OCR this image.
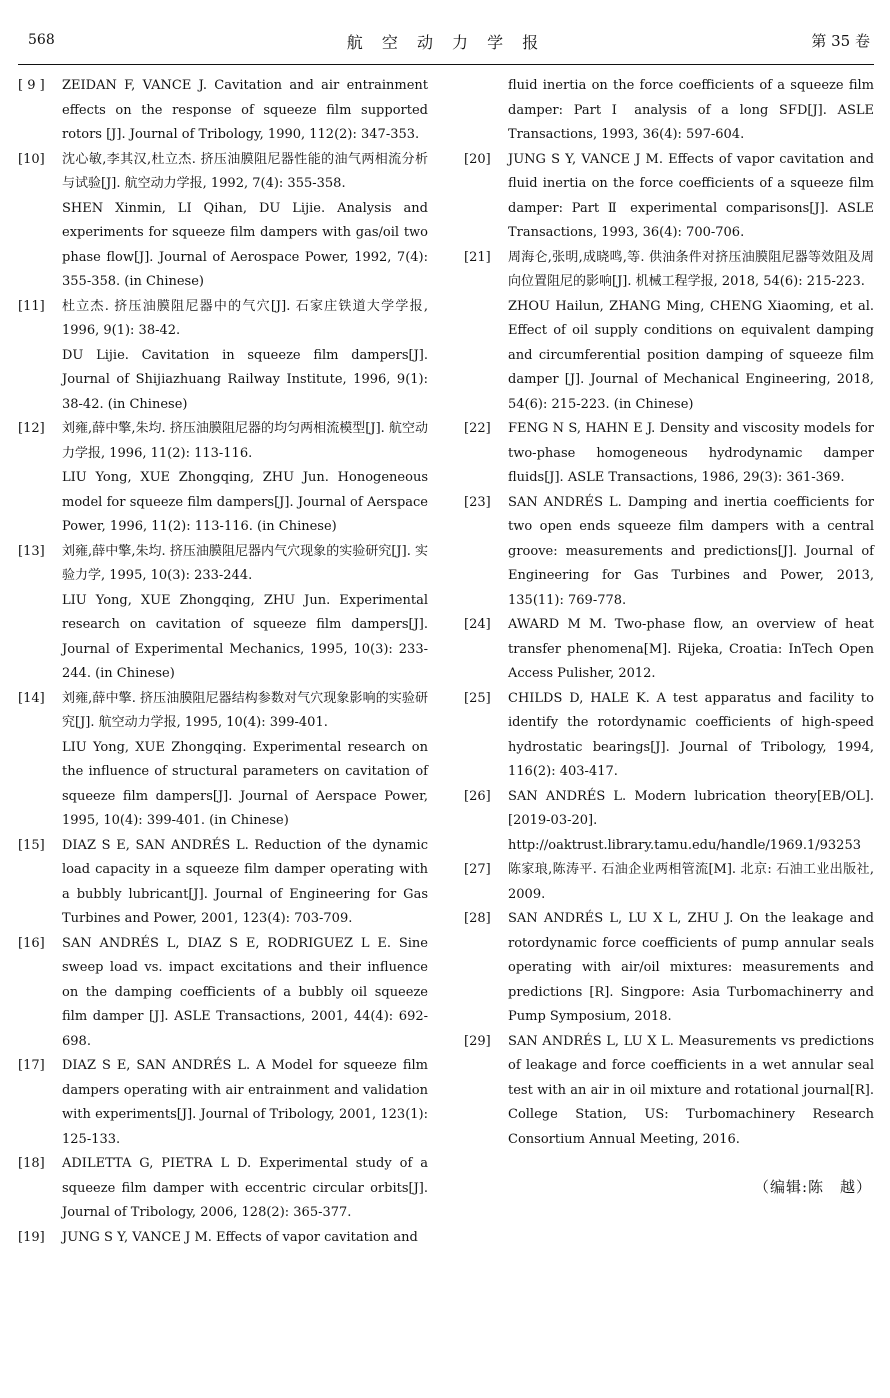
568	航 空 动 力 学 报	第 35 卷
[ 9 ]	ZEIDAN F, VANCE J. Cavitation and air entrainment effects on the response of squeeze film supported rotors [J]. Journal of Tribology, 1990, 112(2): 347-353.
[10]	沈心敏,李其汉,杜立杰. 挤压油膜阻尼器性能的油气两相流分析与试验[J]. 航空动力学报, 1992, 7(4): 355-358.
SHEN Xinmin, LI Qihan, DU Lijie. Analysis and experiments for squeeze film dampers with gas/oil two phase flow[J]. Journal of Aerospace Power, 1992, 7(4): 355-358. (in Chinese)
[11]	杜立杰. 挤压油膜阻尼器中的气穴[J]. 石家庄铁道大学学报, 1996, 9(1): 38-42.
DU Lijie. Cavitation in squeeze film dampers[J]. Journal of Shijiazhuang Railway Institute, 1996, 9(1): 38-42. (in Chinese)
[12]	刘雍,薛中擎,朱均. 挤压油膜阻尼器的均匀两相流模型[J]. 航空动力学报, 1996, 11(2): 113-116.
LIU Yong, XUE Zhongqing, ZHU Jun. Honogeneous model for squeeze film dampers[J]. Journal of Aerspace Power, 1996, 11(2): 113-116. (in Chinese)
[13]	刘雍,薛中擎,朱均. 挤压油膜阻尼器内气穴现象的实验研究[J]. 实验力学, 1995, 10(3): 233-244.
LIU Yong, XUE Zhongqing, ZHU Jun. Experimental research on cavitation of squeeze film dampers[J]. Journal of Experimental Mechanics, 1995, 10(3): 233-244. (in Chinese)
[14]	刘雍,薛中擎. 挤压油膜阻尼器结构参数对气穴现象影响的实验研究[J]. 航空动力学报, 1995, 10(4): 399-401.
LIU Yong, XUE Zhongqing. Experimental research on the influence of structural parameters on cavitation of squeeze film dampers[J]. Journal of Aerspace Power, 1995, 10(4): 399-401. (in Chinese)
[15]	DIAZ S E, SAN ANDRÉS L. Reduction of the dynamic load capacity in a squeeze film damper operating with a bubbly lubricant[J]. Journal of Engineering for Gas Turbines and Power, 2001, 123(4): 703-709.
[16]	SAN ANDRÉS L, DIAZ S E, RODRIGUEZ L E. Sine sweep load vs. impact excitations and their influence on the damping coefficients of a bubbly oil squeeze film damper [J]. ASLE Transactions, 2001, 44(4): 692-698.
[17]	DIAZ S E, SAN ANDRÉS L. A Model for squeeze film dampers operating with air entrainment and validation with experiments[J]. Journal of Tribology, 2001, 123(1): 125-133.
[18]	ADILETTA G, PIETRA L D. Experimental study of a squeeze film damper with eccentric circular orbits[J]. Journal of Tribology, 2006, 128(2): 365-377.
[19]	JUNG S Y, VANCE J M. Effects of vapor cavitation and
fluid inertia on the force coefficients of a squeeze film damper: Part Ⅰ analysis of a long SFD[J]. ASLE Transactions, 1993, 36(4): 597-604.
[20]	JUNG S Y, VANCE J M. Effects of vapor cavitation and fluid inertia on the force coefficients of a squeeze film damper: Part Ⅱ experimental comparisons[J]. ASLE Transactions, 1993, 36(4): 700-706.
[21]	周海仑,张明,成晓鸣,等. 供油条件对挤压油膜阻尼器等效阻及周向位置阻尼的影响[J]. 机械工程学报, 2018, 54(6): 215-223.
ZHOU Hailun, ZHANG Ming, CHENG Xiaoming, et al. Effect of oil supply conditions on equivalent damping and circumferential position damping of squeeze film damper [J]. Journal of Mechanical Engineering, 2018, 54(6): 215-223. (in Chinese)
[22]	FENG N S, HAHN E J. Density and viscosity models for two-phase homogeneous hydrodynamic damper fluids[J]. ASLE Transactions, 1986, 29(3): 361-369.
[23]	SAN ANDRÉS L. Damping and inertia coefficients for two open ends squeeze film dampers with a central groove: measurements and predictions[J]. Journal of Engineering for Gas Turbines and Power, 2013, 135(11): 769-778.
[24]	AWARD M M. Two-phase flow, an overview of heat transfer phenomena[M]. Rijeka, Croatia: InTech Open Access Pulisher, 2012.
[25]	CHILDS D, HALE K. A test apparatus and facility to identify the rotordynamic coefficients of high-speed hydrostatic bearings[J]. Journal of Tribology, 1994, 116(2): 403-417.
[26]	SAN ANDRÉS L. Modern lubrication theory[EB/OL]. [2019-03-20]. http://oaktrust.library.tamu.edu/handle/1969.1/93253
[27]	陈家琅,陈涛平. 石油企业两相管流[M]. 北京: 石油工业出版社, 2009.
[28]	SAN ANDRÉS L, LU X L, ZHU J. On the leakage and rotordynamic force coefficients of pump annular seals operating with air/oil mixtures: measurements and predictions [R]. Singpore: Asia Turbomachinerry and Pump Symposium, 2018.
[29]	SAN ANDRÉS L, LU X L. Measurements vs predictions of leakage and force coefficients in a wet annular seal test with an air in oil mixture and rotational journal[R]. College Station, US: Turbomachinery Research Consortium Annual Meeting, 2016.
（编辑:陈　越）
